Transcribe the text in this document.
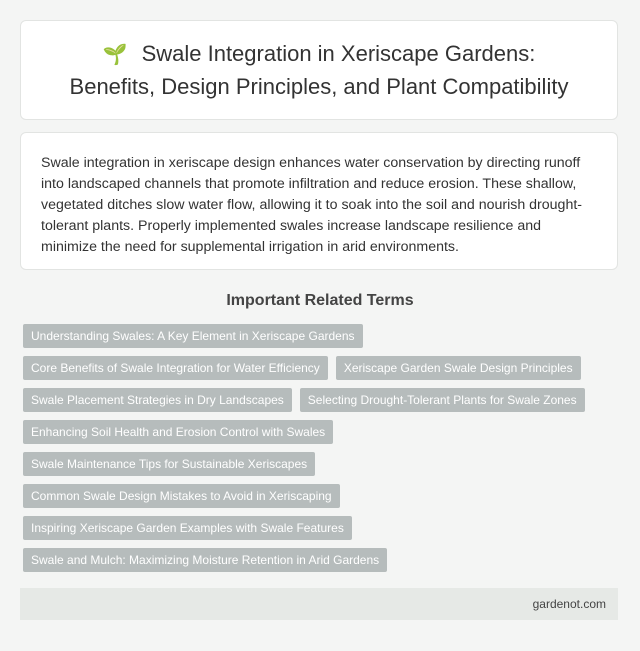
🌱 Swale Integration in Xeriscape Gardens:
Benefits, Design Principles, and Plant Compatibility

Swale integration in xeriscape design enhances water conservation by directing runoff into landscaped channels that promote infiltration and reduce erosion. These shallow, vegetated ditches slow water flow, allowing it to soak into the soil and nourish drought-tolerant plants. Properly implemented swales increase landscape resilience and minimize the need for supplemental irrigation in arid environments.

Important Related Terms
Understanding Swales: A Key Element in Xeriscape Gardens
Core Benefits of Swale Integration for Water Efficiency	Xeriscape Garden Swale Design Principles
Swale Placement Strategies in Dry Landscapes	Selecting Drought-Tolerant Plants for Swale Zones
Enhancing Soil Health and Erosion Control with Swales
Swale Maintenance Tips for Sustainable Xeriscapes
Common Swale Design Mistakes to Avoid in Xeriscaping
Inspiring Xeriscape Garden Examples with Swale Features
Swale and Mulch: Maximizing Moisture Retention in Arid Gardens
gardenot.com
